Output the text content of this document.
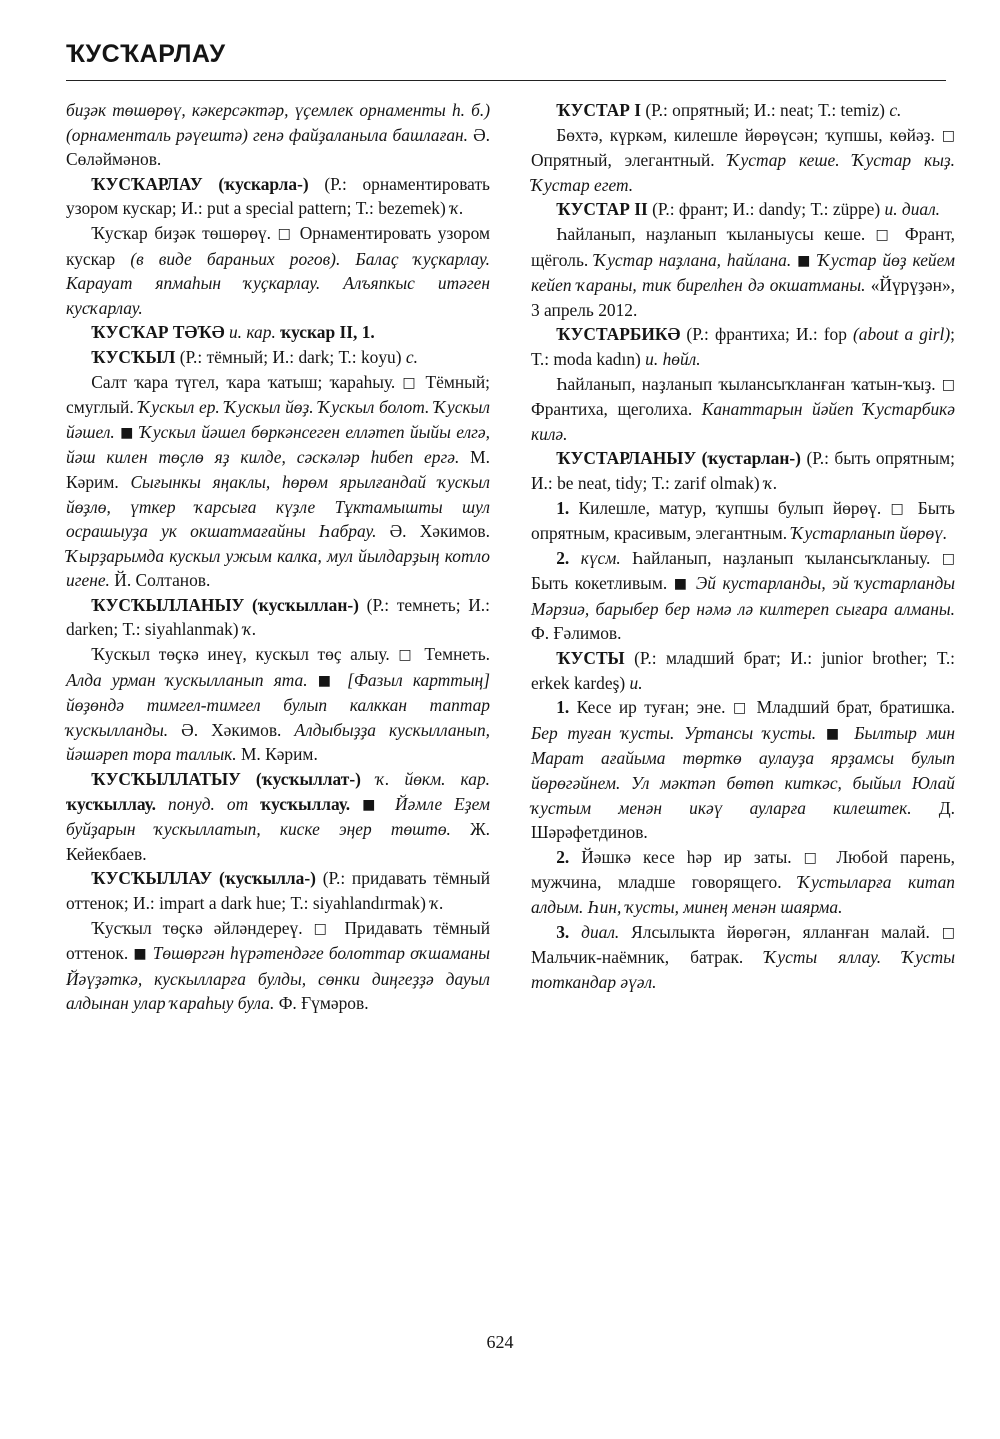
ҠУСҠАРЛАУ

биҙәк төшөрөү, кәкерсәктәр, үҫемлек орнаменты һ. б.) (орнаменталь рәүештә) генә файҙаланыла башлаған. Ә. Сөләймәнов.

ҠУСҠАРЛАУ (ҡускарла-) (Р.: орнаментировать узором кускар; И.: put a special pattern; Т.: bezemek) ҡ.

Ҡусҡар биҙәк төшөрөү. □ Орнаментировать узором кускар (в виде бараньих рогов). Балаҫ ҡуҫкарлау. Карауат япмаһын ҡуҫкарлау. Алъяпкыс итәген кусҡарлау.

ҠУСҠАР ТӘҠӘ и. кар. ҡускар II, 1.

ҠУСҠЫЛ (Р.: тёмный; И.: dark; Т.: koyu) с.

Салт ҡара түгел, ҡара ҡатыш; ҡараһыу. □ Тёмный; смуглый. Ҡускыл ер. Ҡускыл йөҙ. Ҡускыл болот. Ҡускыл йәшел. ■ Ҡускыл йәшел бөркәнсеген елләтеп йыйы елгә, йәш килен тө‌ҫлө яҙ килде, сәскәләр һибеп ергә. М. Кәрим. Сығынкы яңаклы, һөрөм ярылғандай ҡускыл йөҙлө, үткер ҡарсыға күҙле Тұктамышты шул осрашыуҙа ук окшатмағайны Һабрау. Ә. Хәкимов. Ҡырҙарымда кускыл ужым калка, мул йылдарҙың котло игене. Й. Солтанов.

ҠУСҠЫЛЛАНЫУ (ҡусҡыллан-) (Р.: темнеть; И.: darken; Т.: siyahlanmak) ҡ.

Ҡускыл төҫкә инеү, кускыл төҫ алыу. □ Темнеть. Алда урман ҡускылланып ята. ■ [Фазыл карттың] йөҙөндә тимгел-тимгел булып калккан таптар ҡускылланды. Ә. Хәкимов. Алдыбыҙҙа кускылланып, йәшәреп тора таллык. М. Кәрим.

ҠУСҠЫЛЛАТЫУ (ҡусҡыллат-) ҡ. йөкм. кар. ҡусҡыллау. понуд. от ҡусҡыллау. ■ Йәмле Еҙем буйҙарын ҡускыллатып, киске эңер төштө. Ж. Кейекбаев.

ҠУСҠЫЛЛАУ (ҡусҡылла-) (Р.: придавать тёмный оттенок; И.: impart a dark hue; Т.: siyahlandırmak) ҡ.

Ҡусҡыл төҫкә әйләндереү. □ Придавать тёмный оттенок. ■ Төшөргән һүрәтендәге болоттар оҡшаманы Йәүҙәткә, кускылларға булды, сөнки диңгеҙҙә дауыл алдынан улар ҡараһыу була. Ф. Ғүмәров.

ҠУСТАР I (Р.: опрятный; И.: neat; Т.: temiz) с.

Бөхтә, күркәм, килешле йөрөүсән; ҡупшы, көйәҙ. □ Опрятный, элегантный. Ҡустар кеше. Ҡустар кыҙ. Ҡустар егет.

ҠУСТАР II (Р.: франт; И.: dandy; Т.: züppe) и. диал.

Һайланып, наҙланып ҡыланыусы кеше. □ Франт, щёголь. Ҡустар наҙлана, һайлана. ■ Ҡустар йөҙ кейем кейеп ҡараны, тик бирелһен дә окшатманы. «Йүрүҙән», 3 апрель 2012.

ҠУСТАРБИКӘ (Р.: франтиха; И.: fop (about a girl); Т.: moda kadın) и. һөйл.

Һайланып, наҙланып ҡылансыҡланған ҡатын-ҡыҙ. □ Франтиха, щеголиха. Канаттарын йәйеп Ҡустарбикә килә.

ҠУСТАРЛАНЫУ (ҡустарлан-) (Р.: быть опрятным; И.: be neat, tidy; Т.: zarif olmak) ҡ.

1. Килешле, матур, ҡупшы булып йөрөү. □ Быть опрятным, красивым, элегантным. Ҡустарланып йөрөү.

2. күсм. Һайланып, наҙланып ҡылансыҡланыу. □ Быть кокетливым. ■ Эй кустарланды, эй ҡустарланды Мәрзиә, барыбер бер нәмә лә килтереп сығара алманы. Ф. Ғәлимов.

ҠУСТЫ (Р.: младший брат; И.: junior brother; Т.: erkek kardeş) и.

1. Кесе ир туған; эне. □ Младший брат, братишка. Бер туған ҡусты. Уртансы ҡусты. ■ Былтыр мин Марат ағайыма төрткө аулауҙа ярҙамсы булып йөрөгәйнем. Ул мәктәп бөтөп киткәс, быйыл Юлай ҡустым менән икәү ауларға килештек. Д. Шәрәфетдинов.

2. Йәшкә кесе һәр ир заты. □ Любой парень, мужчина, младше говорящего. Ҡустыларға китап алдым. Һин, ҡусты, минең менән шаярма.

3. диал. Ялсылыкта йөрөгән, ялланған малай. □ Мальчик-наёмник, батрак. Ҡусты яллау. Ҡусты тоткандар әүәл.

624
